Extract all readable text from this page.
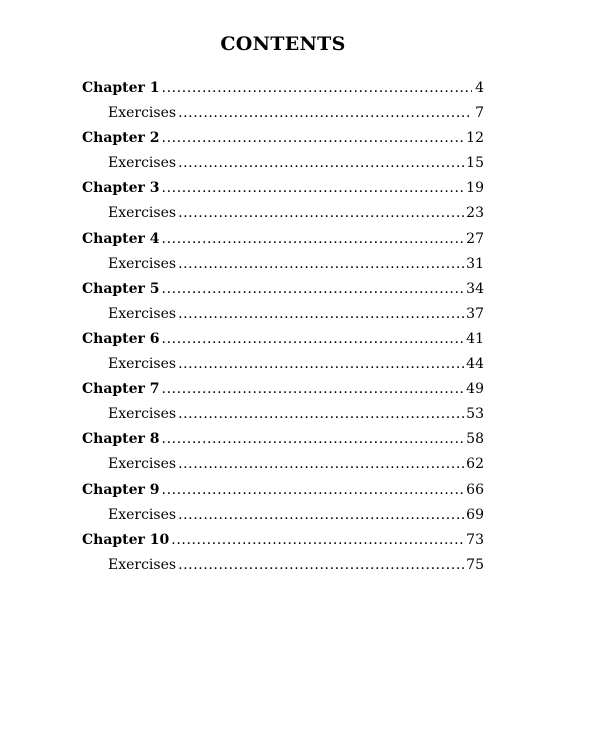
CONTENTS
Chapter 1 .....	4
Exercises .....	7
Chapter 2 .....	12
Exercises .....	15
Chapter 3 .....	19
Exercises .....	23
Chapter 4 .....	27
Exercises .....	31
Chapter 5 .....	34
Exercises .....	37
Chapter 6 .....	41
Exercises .....	44
Chapter 7 .....	49
Exercises .....	53
Chapter 8 .....	58
Exercises .....	62
Chapter 9 .....	66
Exercises .....	69
Chapter 10 .....	73
Exercises .....	75
